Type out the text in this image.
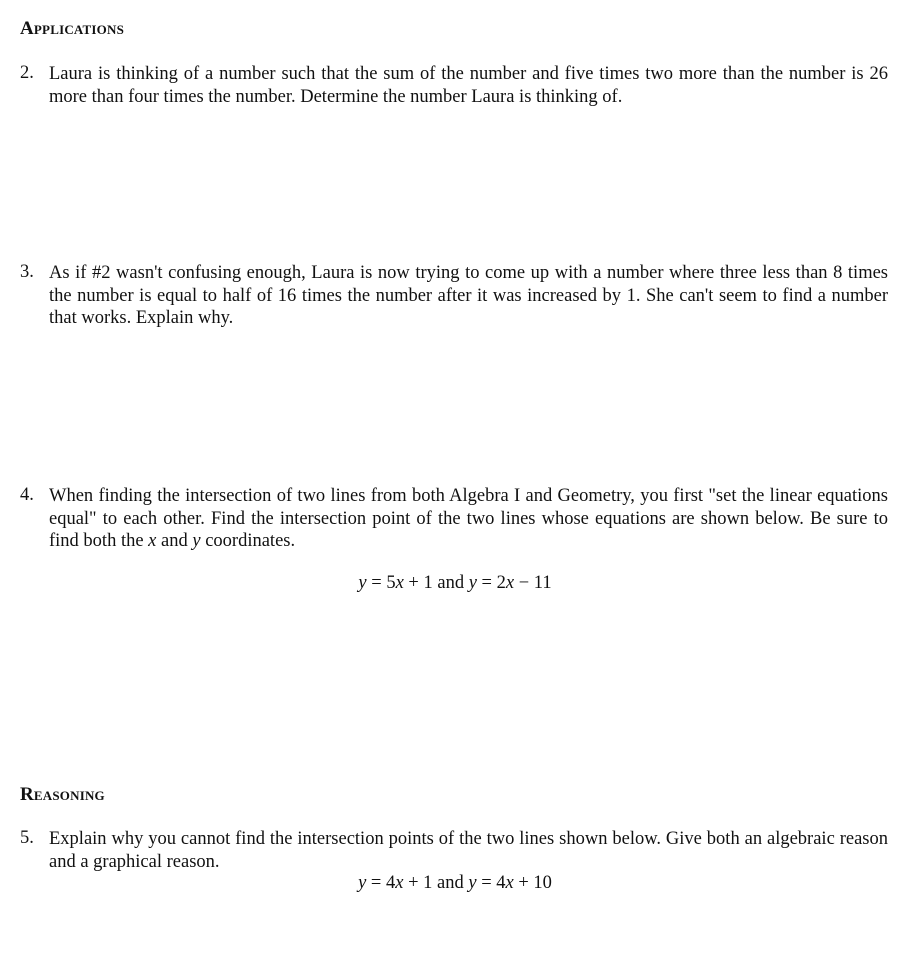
Applications
2. Laura is thinking of a number such that the sum of the number and five times two more than the number is 26 more than four times the number. Determine the number Laura is thinking of.
3. As if #2 wasn't confusing enough, Laura is now trying to come up with a number where three less than 8 times the number is equal to half of 16 times the number after it was increased by 1. She can't seem to find a number that works. Explain why.
4. When finding the intersection of two lines from both Algebra I and Geometry, you first "set the linear equations equal" to each other. Find the intersection point of the two lines whose equations are shown below. Be sure to find both the x and y coordinates.
y = 5x + 1 and y = 2x − 11
Reasoning
5. Explain why you cannot find the intersection points of the two lines shown below. Give both an algebraic reason and a graphical reason.
y = 4x + 1 and y = 4x + 10
